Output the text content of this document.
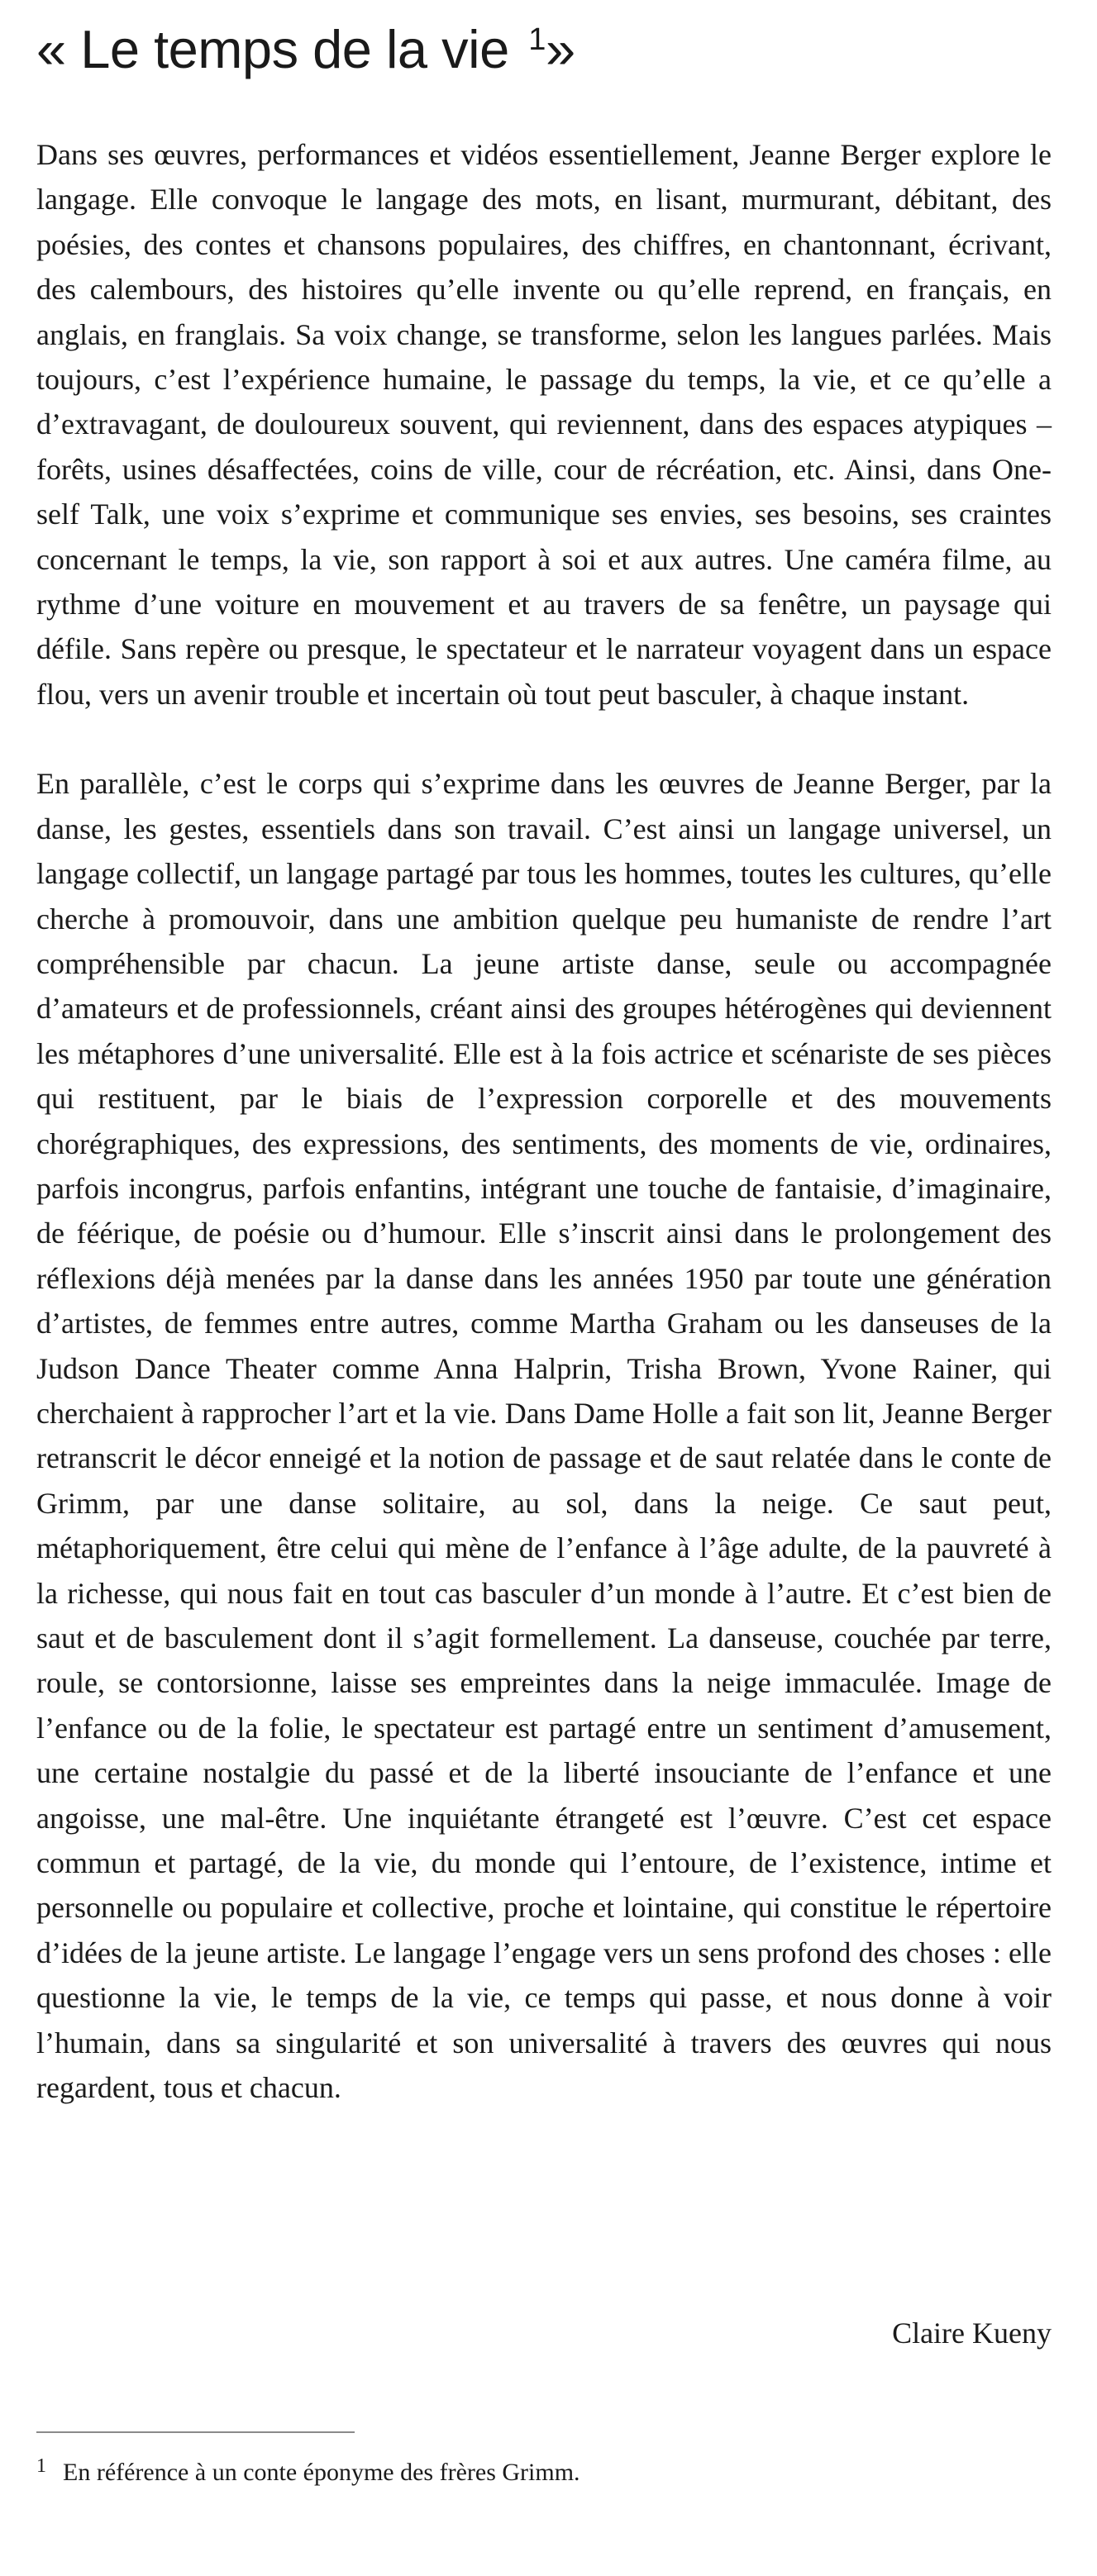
« Le temps de la vie $^1$»

Dans ses œuvres, performances et vidéos essentiellement, Jeanne Berger explore le langage. Elle convoque le langage des mots, en lisant, murmurant, débitant, des poésies, des contes et chansons populaires, des chiffres, en chantonnant, écrivant, des calembours, des histoires qu’elle invente ou qu’elle reprend, en français, en anglais, en franglais. Sa voix change, se transforme, selon les langues parlées. Mais toujours, c’est l’expérience humaine, le passage du temps, la vie, et ce qu’elle a d’extravagant, de douloureux souvent, qui reviennent, dans des espaces atypiques – forêts, usines désaffectées, coins de ville, cour de récréation, etc. Ainsi, dans One-self Talk, une voix s’exprime et communique ses envies, ses besoins, ses craintes concernant le temps, la vie, son rapport à soi et aux autres. Une caméra filme, au rythme d’une voiture en mouvement et au travers de sa fenêtre, un paysage qui défile. Sans repère ou presque, le spectateur et le narrateur voyagent dans un espace flou, vers un avenir trouble et incertain où tout peut basculer, à chaque instant.

En parallèle, c’est le corps qui s’exprime dans les œuvres de Jeanne Berger, par la danse, les gestes, essentiels dans son travail. C’est ainsi un langage universel, un langage collectif, un langage partagé par tous les hommes, toutes les cultures, qu’elle cherche à promouvoir, dans une ambition quelque peu humaniste de rendre l’art compréhensible par chacun. La jeune artiste danse, seule ou accompagnée d’amateurs et de professionnels, créant ainsi des groupes hétérogènes qui deviennent les métaphores d’une universalité. Elle est à la fois actrice et scénariste de ses pièces qui restituent, par le biais de l’expression corporelle et des mouvements chorégraphiques, des expressions, des sentiments, des moments de vie, ordinaires, parfois incongrus, parfois enfantins, intégrant une touche de fantaisie, d’imaginaire, de féérique, de poésie ou d’humour. Elle s’inscrit ainsi dans le prolongement des réflexions déjà menées par la danse dans les années 1950 par toute une génération d’artistes, de femmes entre autres, comme Martha Graham ou les danseuses de la Judson Dance Theater comme Anna Halprin, Trisha Brown, Yvone Rainer, qui cherchaient à rapprocher l’art et la vie. Dans Dame Holle a fait son lit, Jeanne Berger retranscrit le décor enneigé et la notion de passage et de saut relatée dans le conte de Grimm, par une danse solitaire, au sol, dans la neige. Ce saut peut, métaphoriquement, être celui qui mène de l’enfance à l’âge adulte, de la pauvreté à la richesse, qui nous fait en tout cas basculer d’un monde à l’autre. Et c’est bien de saut et de basculement dont il s’agit formellement. La danseuse, couchée par terre, roule, se contorsionne, laisse ses empreintes dans la neige immaculée. Image de l’enfance ou de la folie, le spectateur est partagé entre un sentiment d’amusement, une certaine nostalgie du passé et de la liberté insouciante de l’enfance et une angoisse, une mal-être. Une inquiétante étrangeté est l’œuvre. C’est cet espace commun et partagé, de la vie, du monde qui l’entoure, de l’existence, intime et personnelle ou populaire et collective, proche et lointaine, qui constitue le répertoire d’idées de la jeune artiste. Le langage l’engage vers un sens profond des choses : elle questionne la vie, le temps de la vie, ce temps qui passe, et nous donne à voir l’humain, dans sa singularité et son universalité à travers des œuvres qui nous regardent, tous et chacun.

Claire Kueny
$^1$ En référence à un conte éponyme des frères Grimm.
